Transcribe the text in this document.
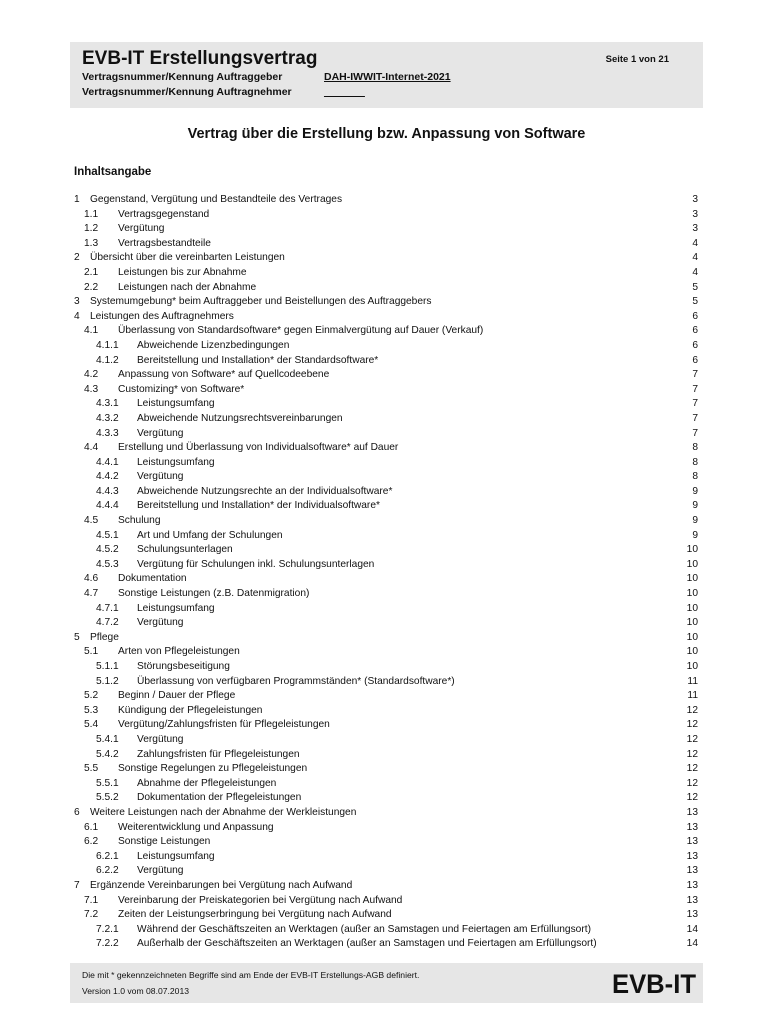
EVB-IT Erstellungsvertrag	Seite 1 von 21
Vertragsnummer/Kennung Auftraggeber	DAH-IWWIT-Internet-2021
Vertragsnummer/Kennung Auftragnehmer	_______
Vertrag über die Erstellung bzw. Anpassung von Software
Inhaltsangabe
1 Gegenstand, Vergütung und Bestandteile des Vertrages	3
1.1 Vertragsgegenstand	3
1.2 Vergütung	3
1.3 Vertragsbestandteile	4
2 Übersicht über die vereinbarten Leistungen	4
2.1 Leistungen bis zur Abnahme	4
2.2 Leistungen nach der Abnahme	5
3 Systemumgebung* beim Auftraggeber und Beistellungen des Auftraggebers	5
4 Leistungen des Auftragnehmers	6
4.1 Überlassung von Standardsoftware* gegen Einmalvergütung auf Dauer (Verkauf)	6
4.1.1 Abweichende Lizenzbedingungen	6
4.1.2 Bereitstellung und Installation* der Standardsoftware*	6
4.2 Anpassung von Software* auf Quellcodeebene	7
4.3 Customizing* von Software*	7
4.3.1 Leistungsumfang	7
4.3.2 Abweichende Nutzungsrechtsvereinbarungen	7
4.3.3 Vergütung	7
4.4 Erstellung und Überlassung von Individualsoftware* auf Dauer	8
4.4.1 Leistungsumfang	8
4.4.2 Vergütung	8
4.4.3 Abweichende Nutzungsrechte an der Individualsoftware*	9
4.4.4 Bereitstellung und Installation* der Individualsoftware*	9
4.5 Schulung	9
4.5.1 Art und Umfang der Schulungen	9
4.5.2 Schulungsunterlagen	10
4.5.3 Vergütung für Schulungen inkl. Schulungsunterlagen	10
4.6 Dokumentation	10
4.7 Sonstige Leistungen (z.B. Datenmigration)	10
4.7.1 Leistungsumfang	10
4.7.2 Vergütung	10
5 Pflege	10
5.1 Arten von Pflegeleistungen	10
5.1.1 Störungsbeseitigung	10
5.1.2 Überlassung von verfügbaren Programmständen* (Standardsoftware*)	11
5.2 Beginn / Dauer der Pflege	11
5.3 Kündigung der Pflegeleistungen	12
5.4 Vergütung/Zahlungsfristen für Pflegeleistungen	12
5.4.1 Vergütung	12
5.4.2 Zahlungsfristen für Pflegeleistungen	12
5.5 Sonstige Regelungen zu Pflegeleistungen	12
5.5.1 Abnahme der Pflegeleistungen	12
5.5.2 Dokumentation der Pflegeleistungen	12
6 Weitere Leistungen nach der Abnahme der Werkleistungen	13
6.1 Weiterentwicklung und Anpassung	13
6.2 Sonstige Leistungen	13
6.2.1 Leistungsumfang	13
6.2.2 Vergütung	13
7 Ergänzende Vereinbarungen bei Vergütung nach Aufwand	13
7.1 Vereinbarung der Preiskategorien bei Vergütung nach Aufwand	13
7.2 Zeiten der Leistungserbringung bei Vergütung nach Aufwand	13
7.2.1 Während der Geschäftszeiten an Werktagen (außer an Samstagen und Feiertagen am Erfüllungsort)	14
7.2.2 Außerhalb der Geschäftszeiten an Werktagen (außer an Samstagen und Feiertagen am Erfüllungsort)	14
Die mit * gekennzeichneten Begriffe sind am Ende der EVB-IT Erstellungs-AGB definiert.
Version 1.0 vom 08.07.2013	EVB-IT
